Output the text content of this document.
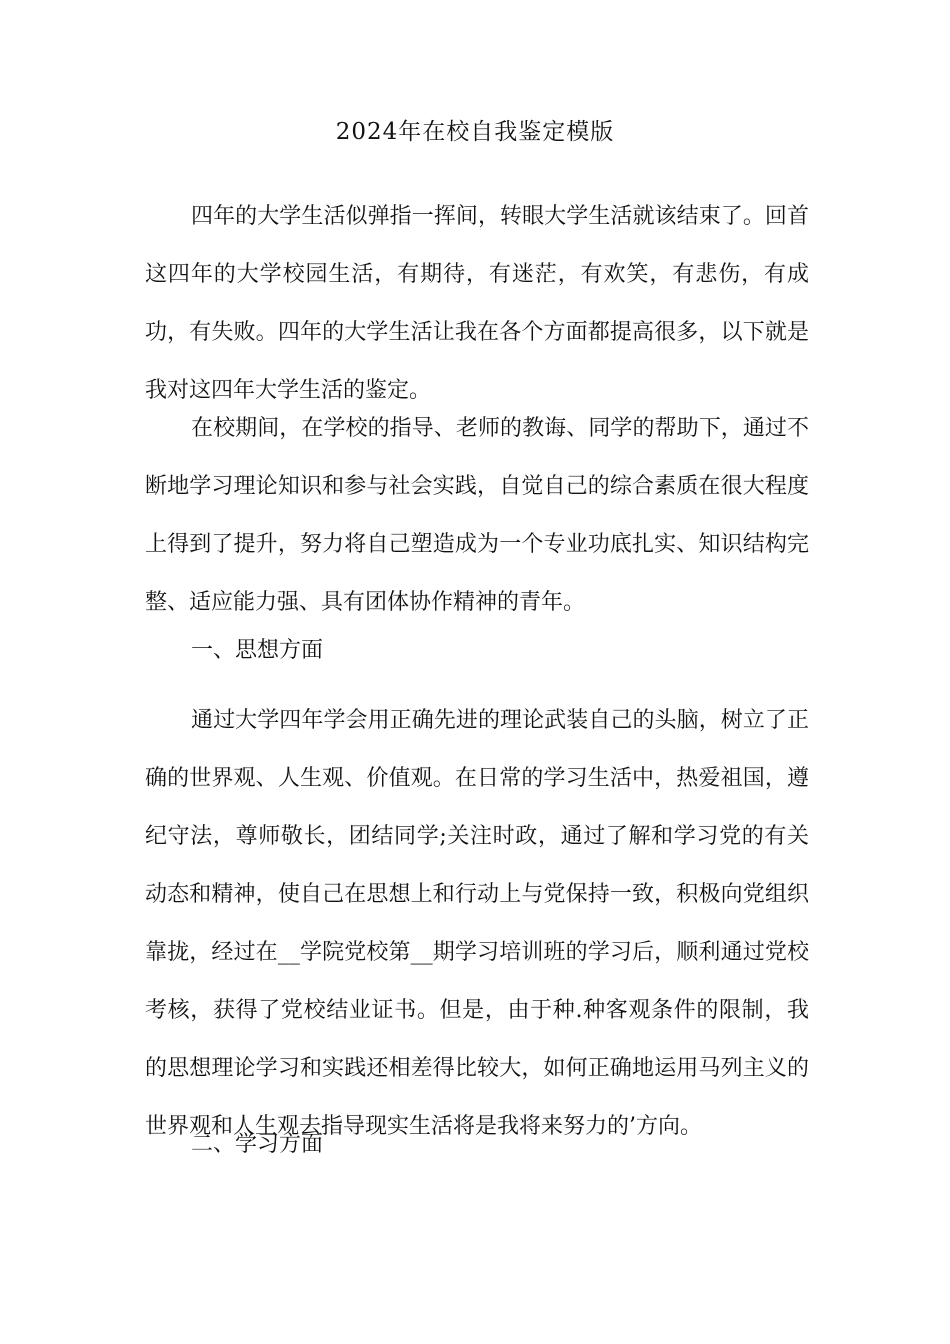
2024年在校自我鉴定模版

四年的大学生活似弹指一挥间，转眼大学生活就该结束了。回首这四年的大学校园生活，有期待，有迷茫，有欢笑，有悲伤，有成功，有失败。四年的大学生活让我在各个方面都提高很多，以下就是我对这四年大学生活的鉴定。

在校期间，在学校的指导、老师的教诲、同学的帮助下，通过不断地学习理论知识和参与社会实践，自觉自己的综合素质在很大程度上得到了提升，努力将自己塑造成为一个专业功底扎实、知识结构完整、适应能力强、具有团体协作精神的青年。

一、思想方面

通过大学四年学会用正确先进的理论武装自己的头脑，树立了正确的世界观、人生观、价值观。在日常的学习生活中，热爱祖国，遵纪守法，尊师敬长，团结同学;关注时政，通过了解和学习党的有关动态和精神，使自己在思想上和行动上与党保持一致，积极向党组织靠拢，经过在__学院党校第__期学习培训班的学习后，顺利通过党校考核，获得了党校结业证书。但是，由于种.种客观条件的限制，我的思想理论学习和实践还相差得比较大，如何正确地运用马列主义的世界观和人生观去指导现实生活将是我将来努力的’方向。

二、学习方面
